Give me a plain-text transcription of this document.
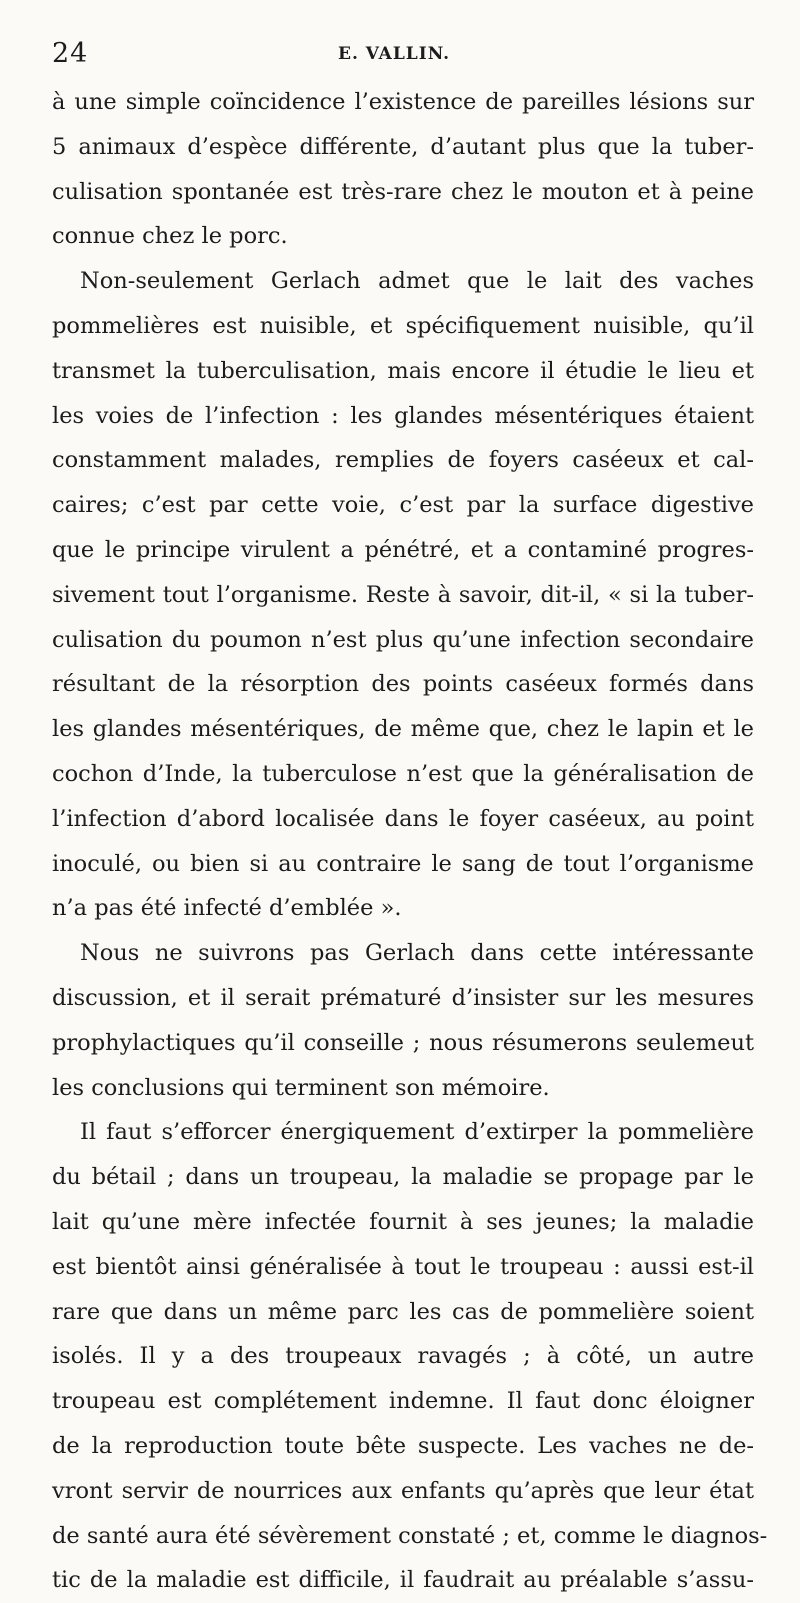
24	E. VALLIN.
à une simple coïncidence l’existence de pareilles lésions sur
5 animaux d’espèce différente, d’autant plus que la tuber-
culisation spontanée est très-rare chez le mouton et à peine
connue chez le porc.
Non-seulement Gerlach admet que le lait des vaches
pommelières est nuisible, et spécifiquement nuisible, qu’il
transmet la tuberculisation, mais encore il étudie le lieu et
les voies de l’infection : les glandes mésentériques étaient
constamment malades, remplies de foyers caséeux et cal-
caires; c’est par cette voie, c’est par la surface digestive
que le principe virulent a pénétré, et a contaminé progres-
sivement tout l’organisme. Reste à savoir, dit-il, « si la tuber-
culisation du poumon n’est plus qu’une infection secondaire
résultant de la résorption des points caséeux formés dans
les glandes mésentériques, de même que, chez le lapin et le
cochon d’Inde, la tuberculose n’est que la généralisation de
l’infection d’abord localisée dans le foyer caséeux, au point
inoculé, ou bien si au contraire le sang de tout l’organisme
n’a pas été infecté d’emblée ».
Nous ne suivrons pas Gerlach dans cette intéressante
discussion, et il serait prématuré d’insister sur les mesures
prophylactiques qu’il conseille ; nous résumerons seulemeut
les conclusions qui terminent son mémoire.
Il faut s’efforcer énergiquement d’extirper la pommelière
du bétail ; dans un troupeau, la maladie se propage par le
lait qu’une mère infectée fournit à ses jeunes; la maladie
est bientôt ainsi généralisée à tout le troupeau : aussi est-il
rare que dans un même parc les cas de pommelière soient
isolés. Il y a des troupeaux ravagés ; à côté, un autre
troupeau est complétement indemne. Il faut donc éloigner
de la reproduction toute bête suspecte. Les vaches ne de-
vront servir de nourrices aux enfants qu’après que leur état
de santé aura été sévèrement constaté ; et, comme le diagnos-
tic de la maladie est difficile, il faudrait au préalable s’assu-
